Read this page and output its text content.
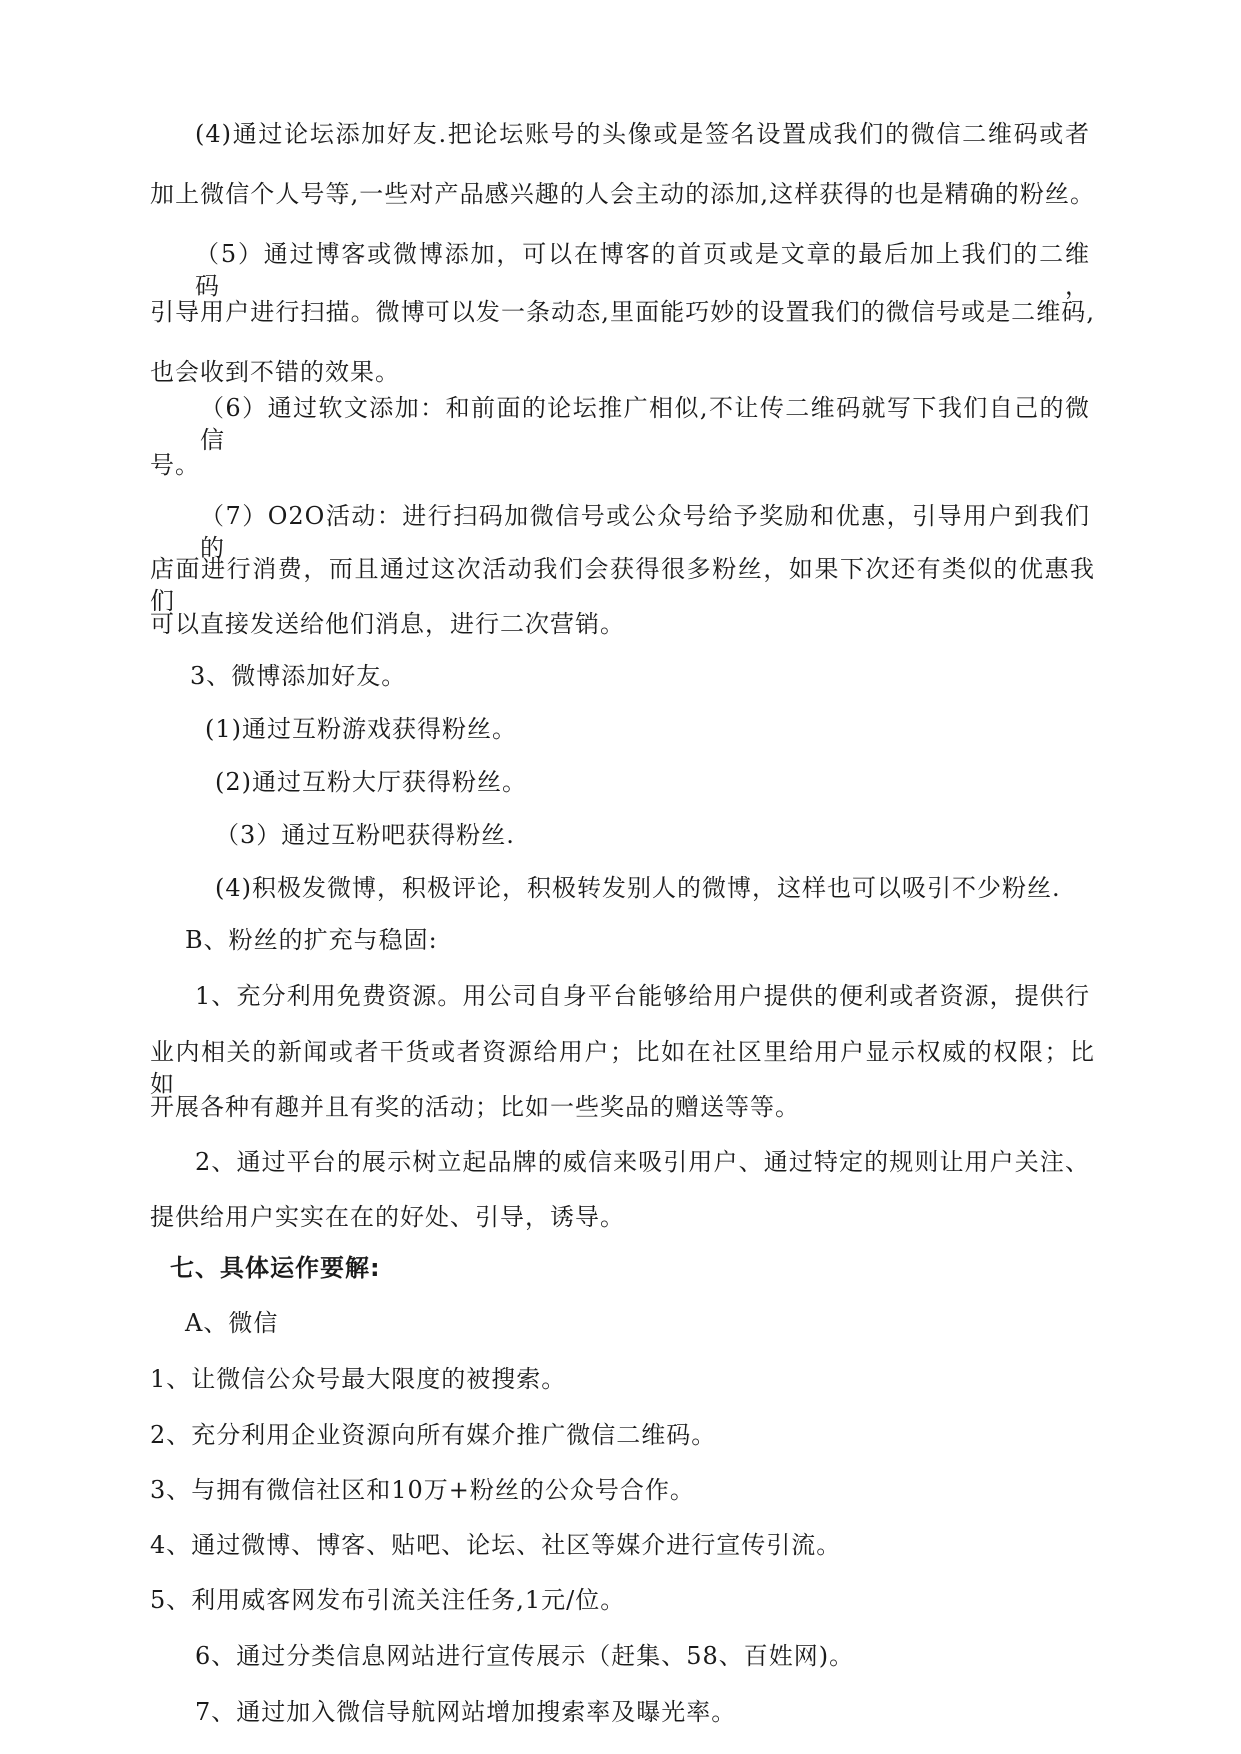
(4)通过论坛添加好友.把论坛账号的头像或是签名设置成我们的微信二维码或者
加上微信个人号等,一些对产品感兴趣的人会主动的添加,这样获得的也是精确的粉丝。
（5）通过博客或微博添加，可以在博客的首页或是文章的最后加上我们的二维码，
引导用户进行扫描。微博可以发一条动态,里面能巧妙的设置我们的微信号或是二维码,
也会收到不错的效果。
（6）通过软文添加：和前面的论坛推广相似,不让传二维码就写下我们自己的微信
号。
（7）O2O活动：进行扫码加微信号或公众号给予奖励和优惠，引导用户到我们的
店面进行消费，而且通过这次活动我们会获得很多粉丝，如果下次还有类似的优惠我们
可以直接发送给他们消息，进行二次营销。
3、微博添加好友。
(1)通过互粉游戏获得粉丝。
(2)通过互粉大厅获得粉丝。
（3）通过互粉吧获得粉丝.
(4)积极发微博，积极评论，积极转发别人的微博，这样也可以吸引不少粉丝.
B、粉丝的扩充与稳固:
1、充分利用免费资源。用公司自身平台能够给用户提供的便利或者资源，提供行
业内相关的新闻或者干货或者资源给用户；比如在社区里给用户显示权威的权限；比如
开展各种有趣并且有奖的活动；比如一些奖品的赠送等等。
2、通过平台的展示树立起品牌的威信来吸引用户、通过特定的规则让用户关注、
提供给用户实实在在的好处、引导，诱导。
七、具体运作要解:
A、微信
1、让微信公众号最大限度的被搜索。
2、充分利用企业资源向所有媒介推广微信二维码。
3、与拥有微信社区和10万+粉丝的公众号合作。
4、通过微博、博客、贴吧、论坛、社区等媒介进行宣传引流。
5、利用威客网发布引流关注任务,1元/位。
6、通过分类信息网站进行宣传展示（赶集、58、百姓网)。
7、通过加入微信导航网站增加搜索率及曝光率。
